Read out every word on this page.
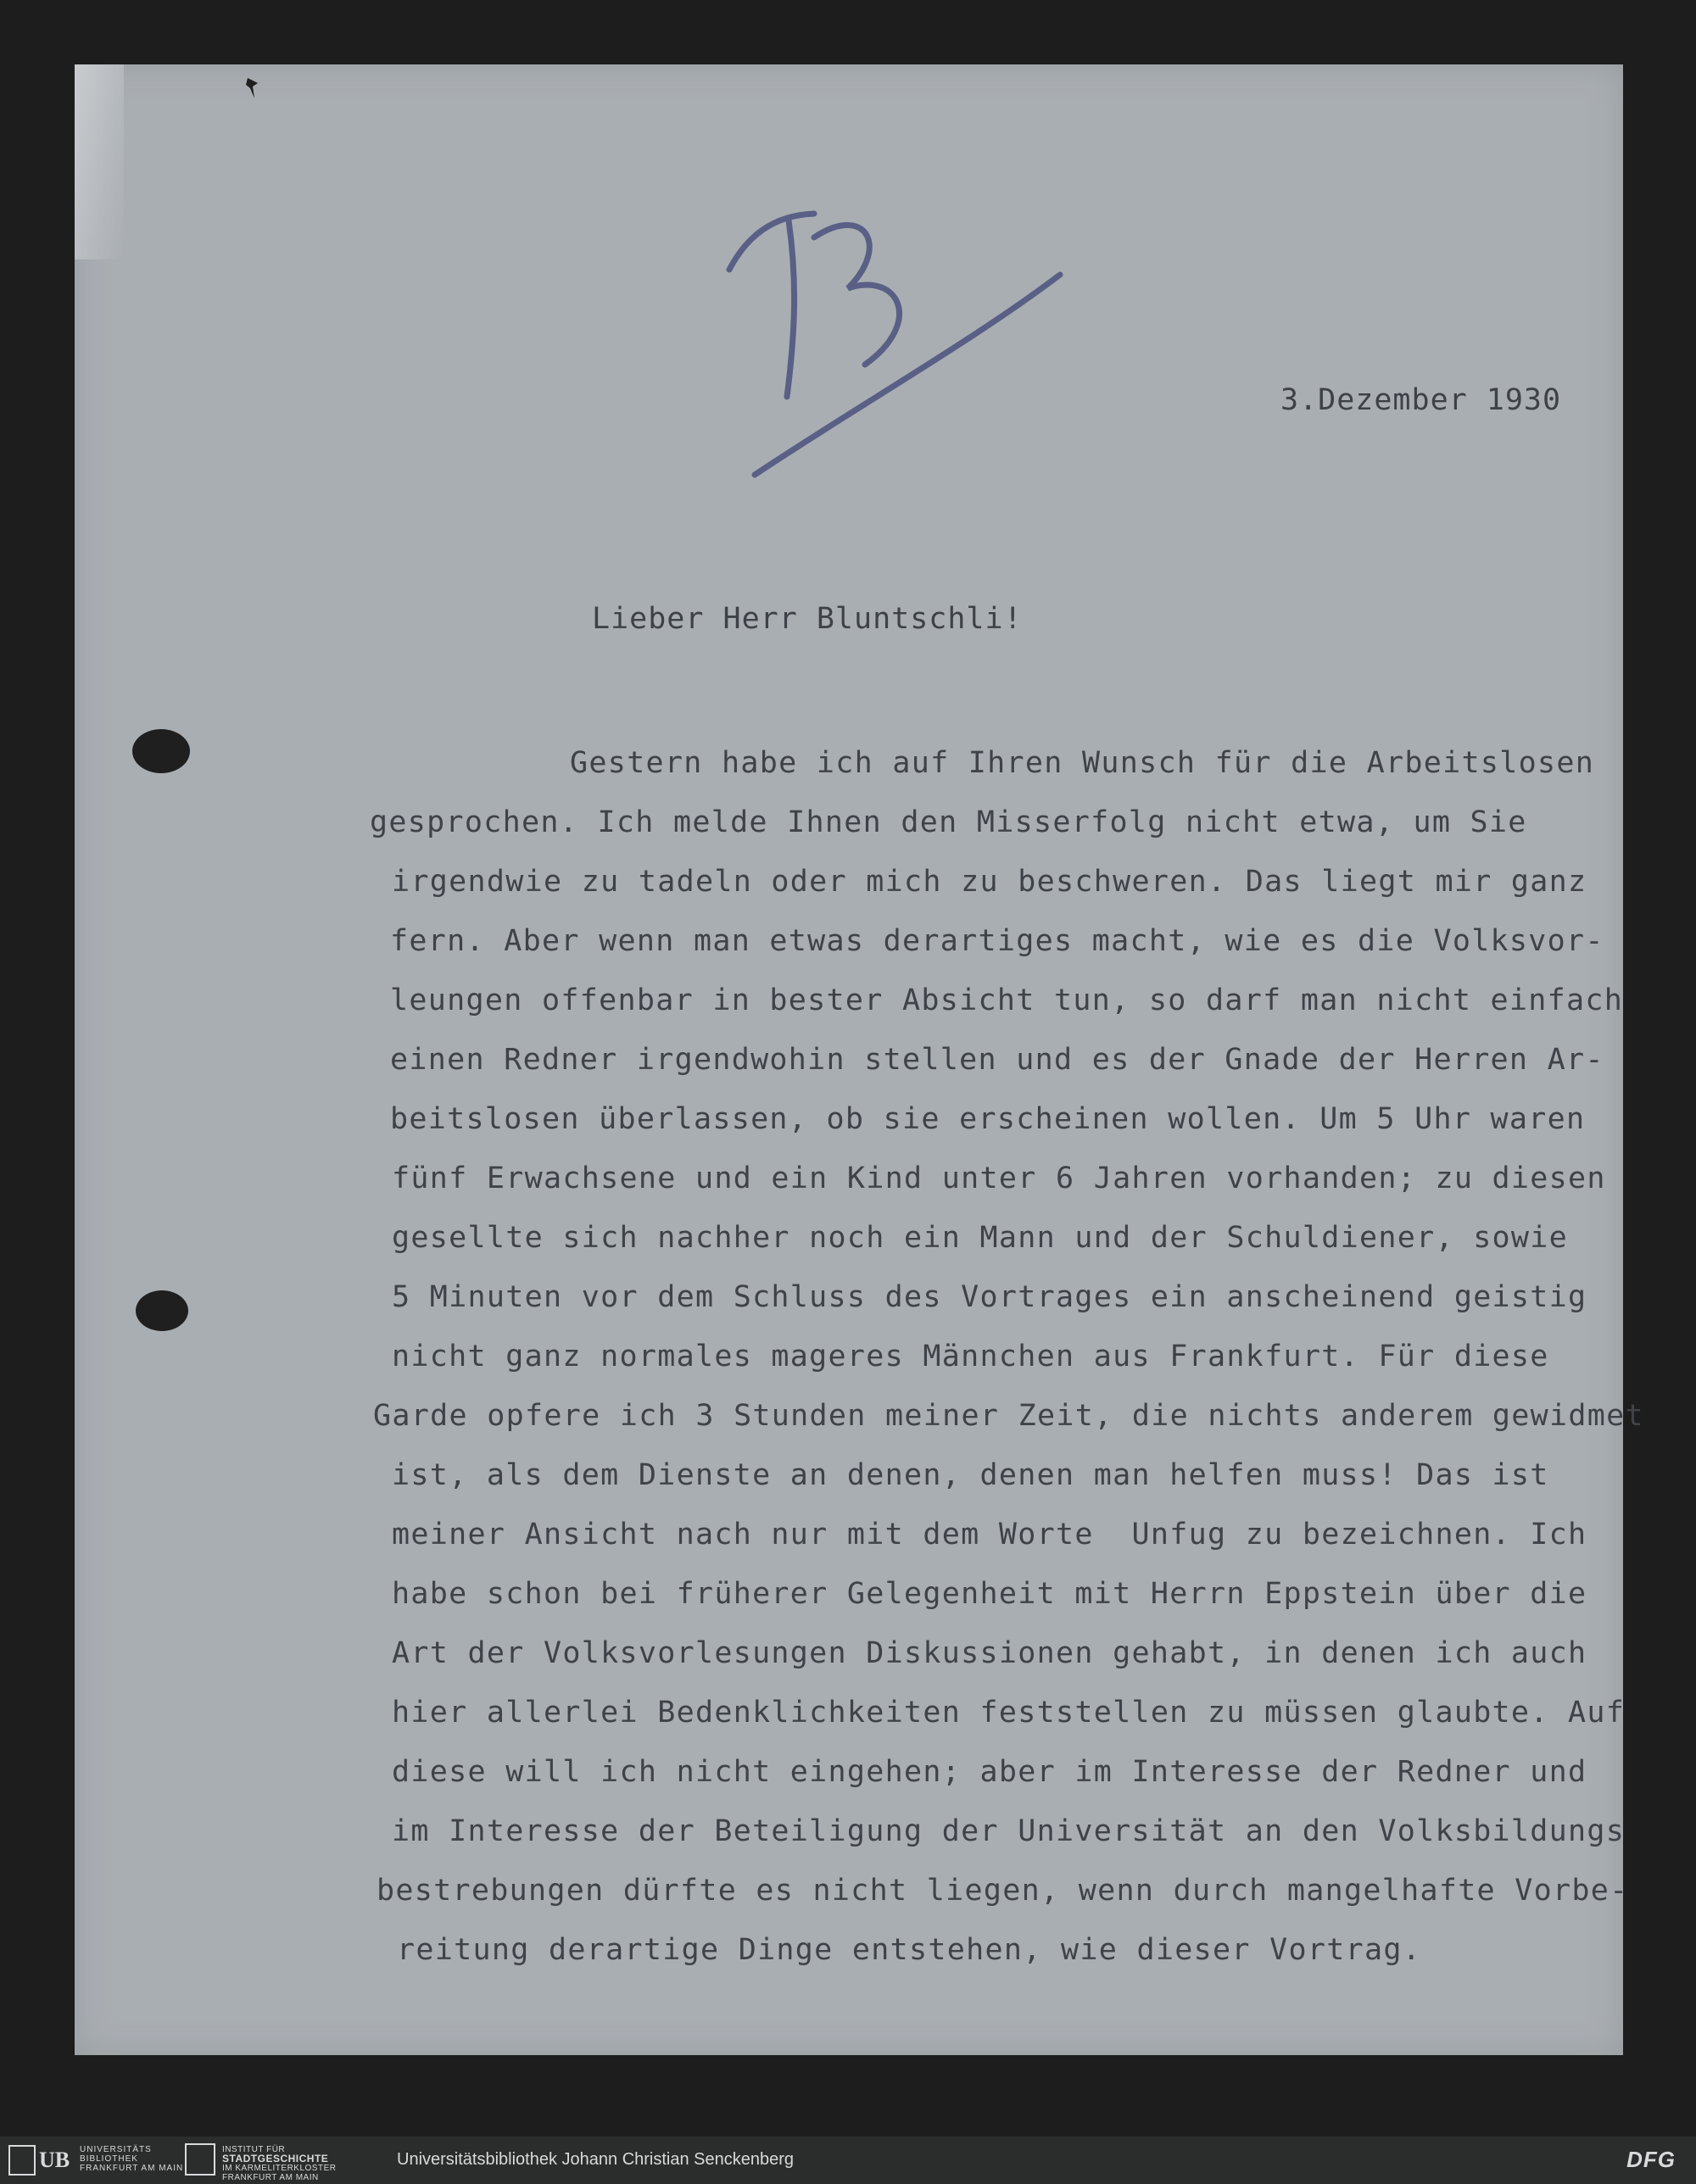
3.Dezember 1930
Lieber Herr Bluntschli!
Gestern habe ich auf Ihren Wunsch für die Arbeitslosen
gesprochen. Ich melde Ihnen den Misserfolg nicht etwa, um Sie
irgendwie zu tadeln oder mich zu beschweren. Das liegt mir ganz
fern. Aber wenn man etwas derartiges macht, wie es die Volksvor-
leungen offenbar in bester Absicht tun, so darf man nicht einfach
einen Redner irgendwohin stellen und es der Gnade der Herren Ar-
beitslosen überlassen, ob sie erscheinen wollen. Um 5 Uhr waren
fünf Erwachsene und ein Kind unter 6 Jahren vorhanden; zu diesen
gesellte sich nachher noch ein Mann und der Schuldiener, sowie
5 Minuten vor dem Schluss des Vortrages ein anscheinend geistig
nicht ganz normales mageres Männchen aus Frankfurt. Für diese
Garde opfere ich 3 Stunden meiner Zeit, die nichts anderem gewidmet
ist, als dem Dienste an denen, denen man helfen muss! Das ist
meiner Ansicht nach nur mit dem Worte  Unfug zu bezeichnen. Ich
habe schon bei früherer Gelegenheit mit Herrn Eppstein über die
Art der Volksvorlesungen Diskussionen gehabt, in denen ich auch
hier allerlei Bedenklichkeiten feststellen zu müssen glaubte. Auf
diese will ich nicht eingehen; aber im Interesse der Redner und
im Interesse der Beteiligung der Universität an den Volksbildungs
bestrebungen dürfte es nicht liegen, wenn durch mangelhafte Vorbe-
reitung derartige Dinge entstehen, wie dieser Vortrag.
UB UNIVERSITÄTS
BIBLIOTHEK
FRANKFURT AM MAIN
INSTITUT FÜR
STADTGESCHICHTE
IM KARMELITERKLOSTER
FRANKFURT AM MAIN
Universitätsbibliothek Johann Christian Senckenberg	DFG
